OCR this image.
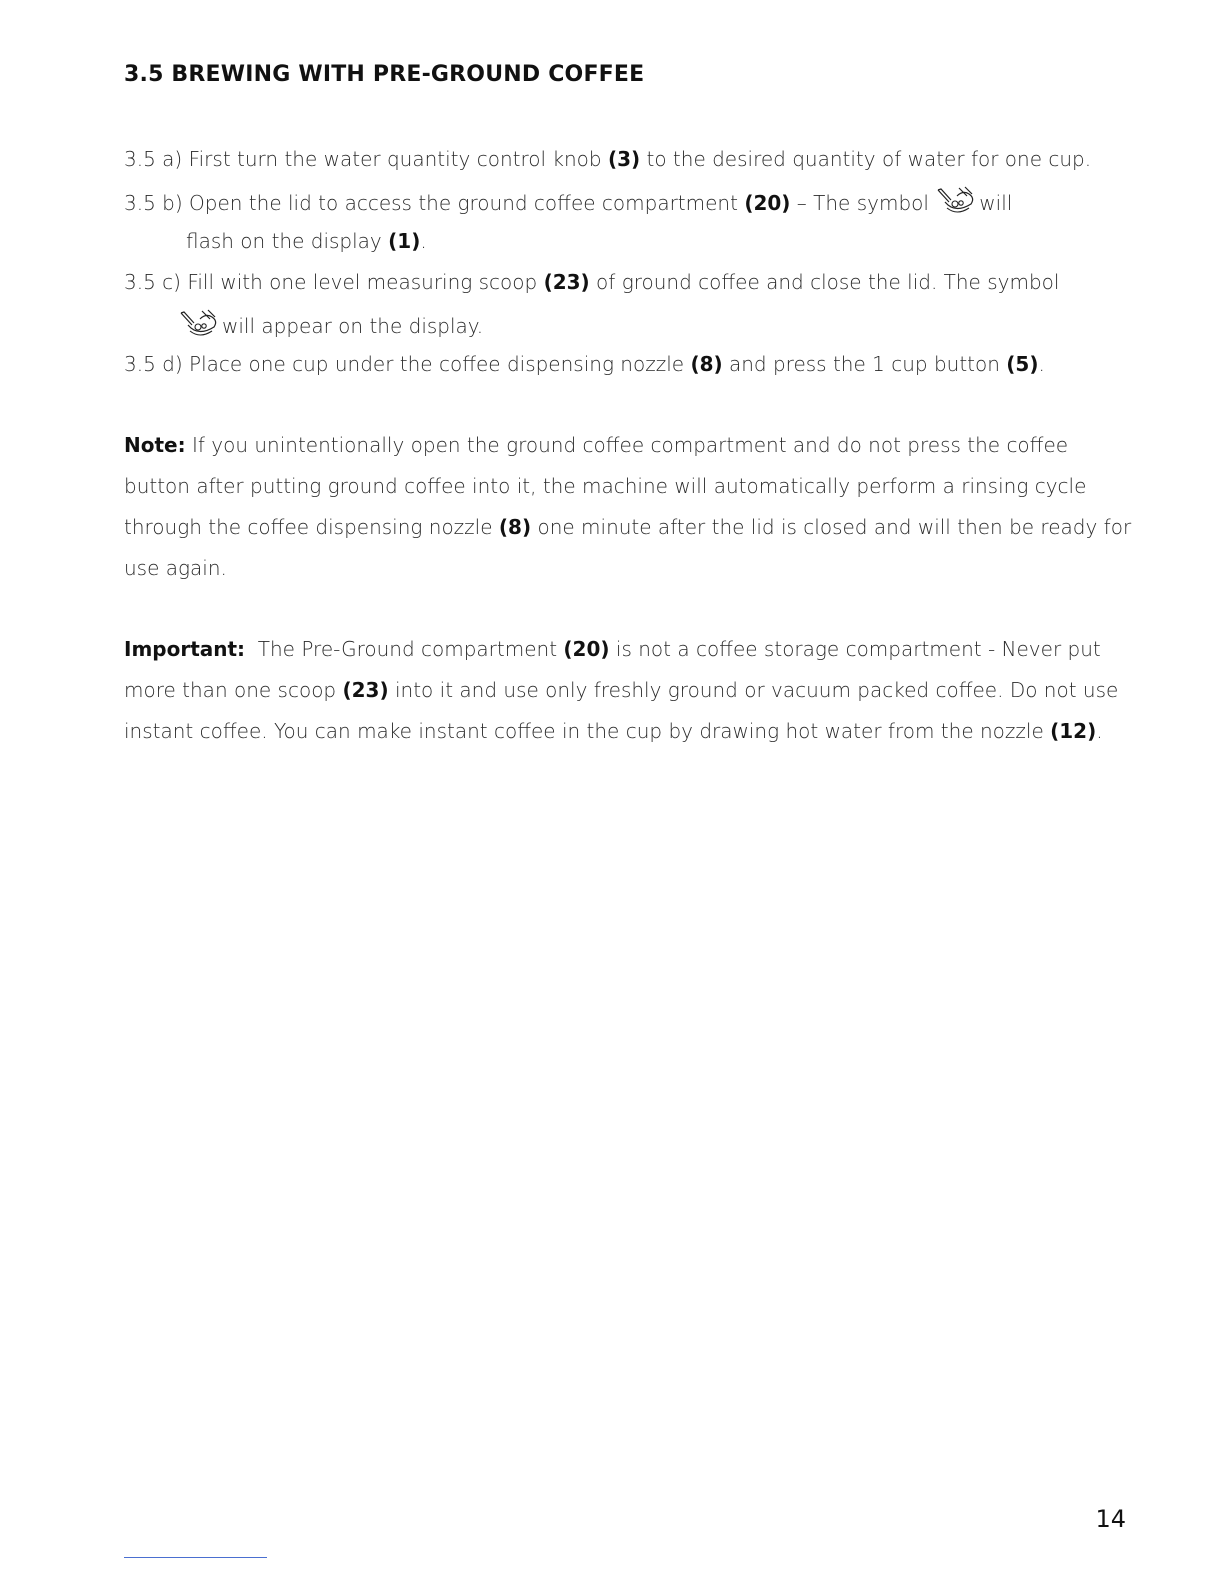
3.5 BREWING WITH PRE-GROUND COFFEE

3.5 a) First turn the water quantity control knob (3) to the desired quantity of water for one cup.

3.5 b) Open the lid to access the ground coffee compartment (20) – The symbol
will

flash on the display (1).

3.5 c) Fill with one level measuring scoop (23) of ground coffee and close the lid. The symbol

will appear on the display.

3.5 d) Place one cup under the coffee dispensing nozzle (8) and press the 1 cup button (5).

Note: If you unintentionally open the ground coffee compartment and do not press the coffee

button after putting ground coffee into it, the machine will automatically perform a rinsing cycle

through the coffee dispensing nozzle (8) one minute after the lid is closed and will then be ready for

use again.

Important:  The Pre-Ground compartment (20) is not a coffee storage compartment - Never put

more than one scoop (23) into it and use only freshly ground or vacuum packed coffee. Do not use

instant coffee. You can make instant coffee in the cup by drawing hot water from the nozzle (12).

14
